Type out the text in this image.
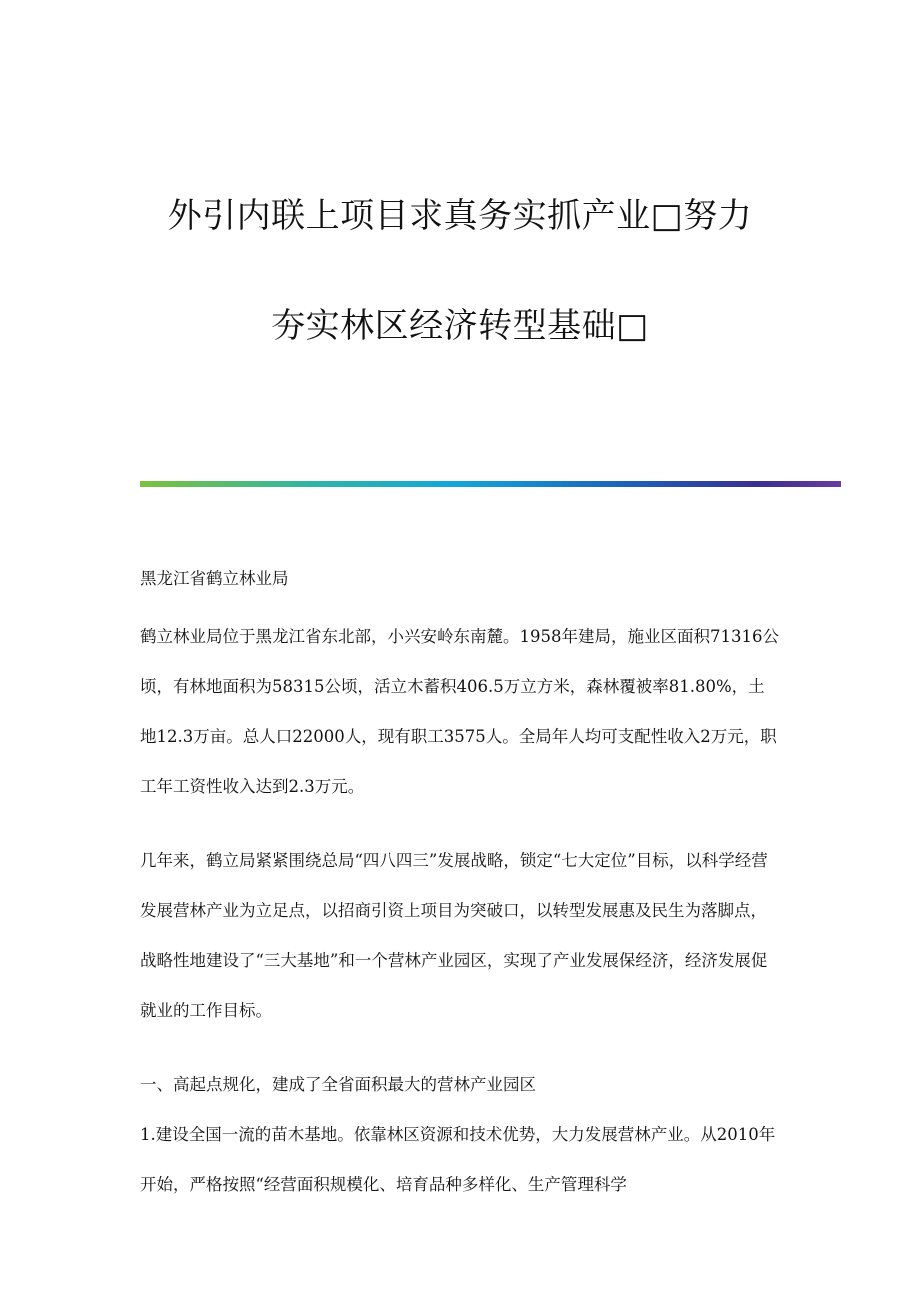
外引内联上项目求真务实抓产业□努力
夯实林区经济转型基础□

黑龙江省鹤立林业局

鹤立林业局位于黑龙江省东北部，小兴安岭东南麓。1958年建局，施业区面积71316公顷，有林地面积为58315公顷，活立木蓄积406.5万立方米，森林覆被率81.80%，土地12.3万亩。总人口22000人，现有职工3575人。全局年人均可支配性收入2万元，职工年工资性收入达到2.3万元。

几年来，鹤立局紧紧围绕总局“四八四三”发展战略，锁定“七大定位”目标，以科学经营发展营林产业为立足点，以招商引资上项目为突破口，以转型发展惠及民生为落脚点，战略性地建设了“三大基地”和一个营林产业园区，实现了产业发展保经济，经济发展促就业的工作目标。

一、高起点规化，建成了全省面积最大的营林产业园区

1.建设全国一流的苗木基地。依靠林区资源和技术优势，大力发展营林产业。从2010年开始，严格按照“经营面积规模化、培育品种多样化、生产管理科学
